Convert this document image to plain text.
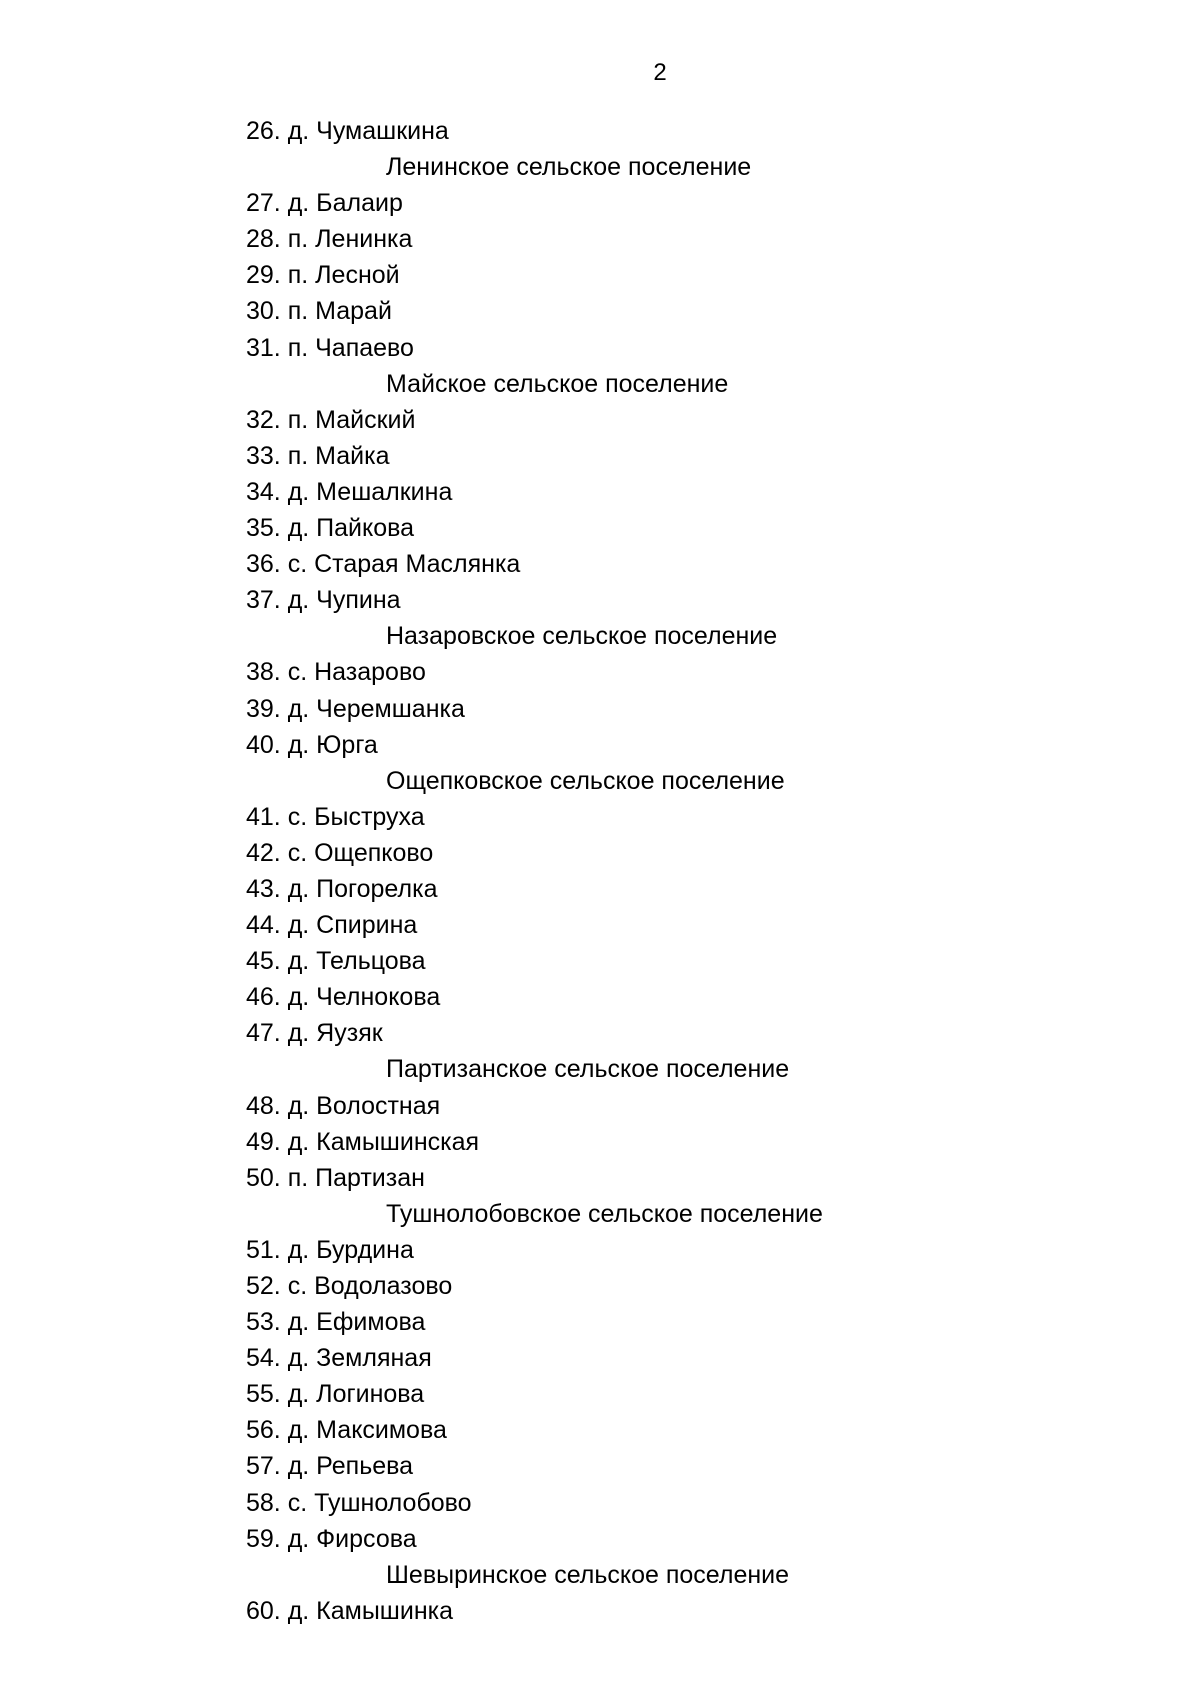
2
26. д. Чумашкина
Ленинское сельское поселение
27. д. Балаир
28. п. Ленинка
29. п. Лесной
30. п. Марай
31. п. Чапаево
Майское сельское поселение
32. п. Майский
33. п. Майка
34. д. Мешалкина
35. д. Пайкова
36. с. Старая Маслянка
37. д. Чупина
Назаровское сельское поселение
38. с. Назарово
39. д. Черемшанка
40. д. Юрга
Ощепковское сельское поселение
41. с. Быструха
42. с. Ощепково
43. д. Погорелка
44. д. Спирина
45. д. Тельцова
46. д. Челнокова
47. д. Яузяк
Партизанское сельское поселение
48. д. Волостная
49. д. Камышинская
50. п. Партизан
Тушнолобовское сельское поселение
51. д. Бурдина
52. с. Водолазово
53. д. Ефимова
54. д. Земляная
55. д. Логинова
56. д. Максимова
57. д. Репьева
58. с. Тушнолобово
59. д. Фирсова
Шевыринское сельское поселение
60. д. Камышинка
